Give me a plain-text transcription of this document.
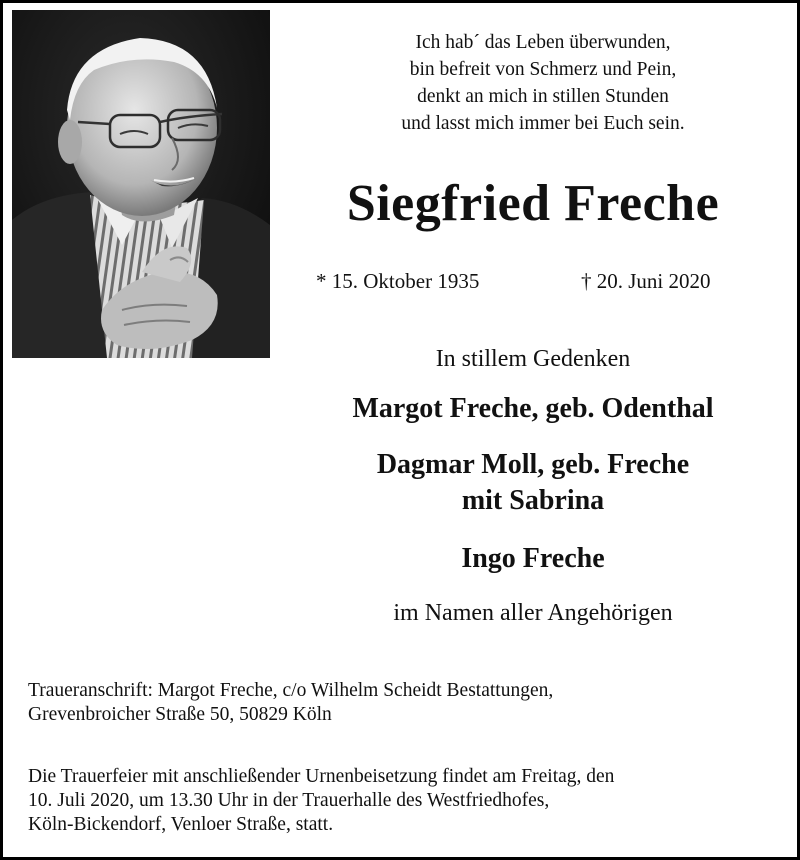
Ich hab´ das Leben überwunden,
bin befreit von Schmerz und Pein,
denkt an mich in stillen Stunden
und lasst mich immer bei Euch sein.
Siegfried Freche
* 15. Oktober 1935	† 20. Juni 2020
In stillem Gedenken
Margot Freche, geb. Odenthal
Dagmar Moll, geb. Freche
mit Sabrina
Ingo Freche
im Namen aller Angehörigen
Traueranschrift: Margot Freche, c/o Wilhelm Scheidt Bestattungen,
Grevenbroicher Straße 50, 50829 Köln
Die Trauerfeier mit anschließender Urnenbeisetzung findet am Freitag, den
10. Juli 2020, um 13.30 Uhr in der Trauerhalle des Westfriedhofes,
Köln-Bickendorf, Venloer Straße, statt.
